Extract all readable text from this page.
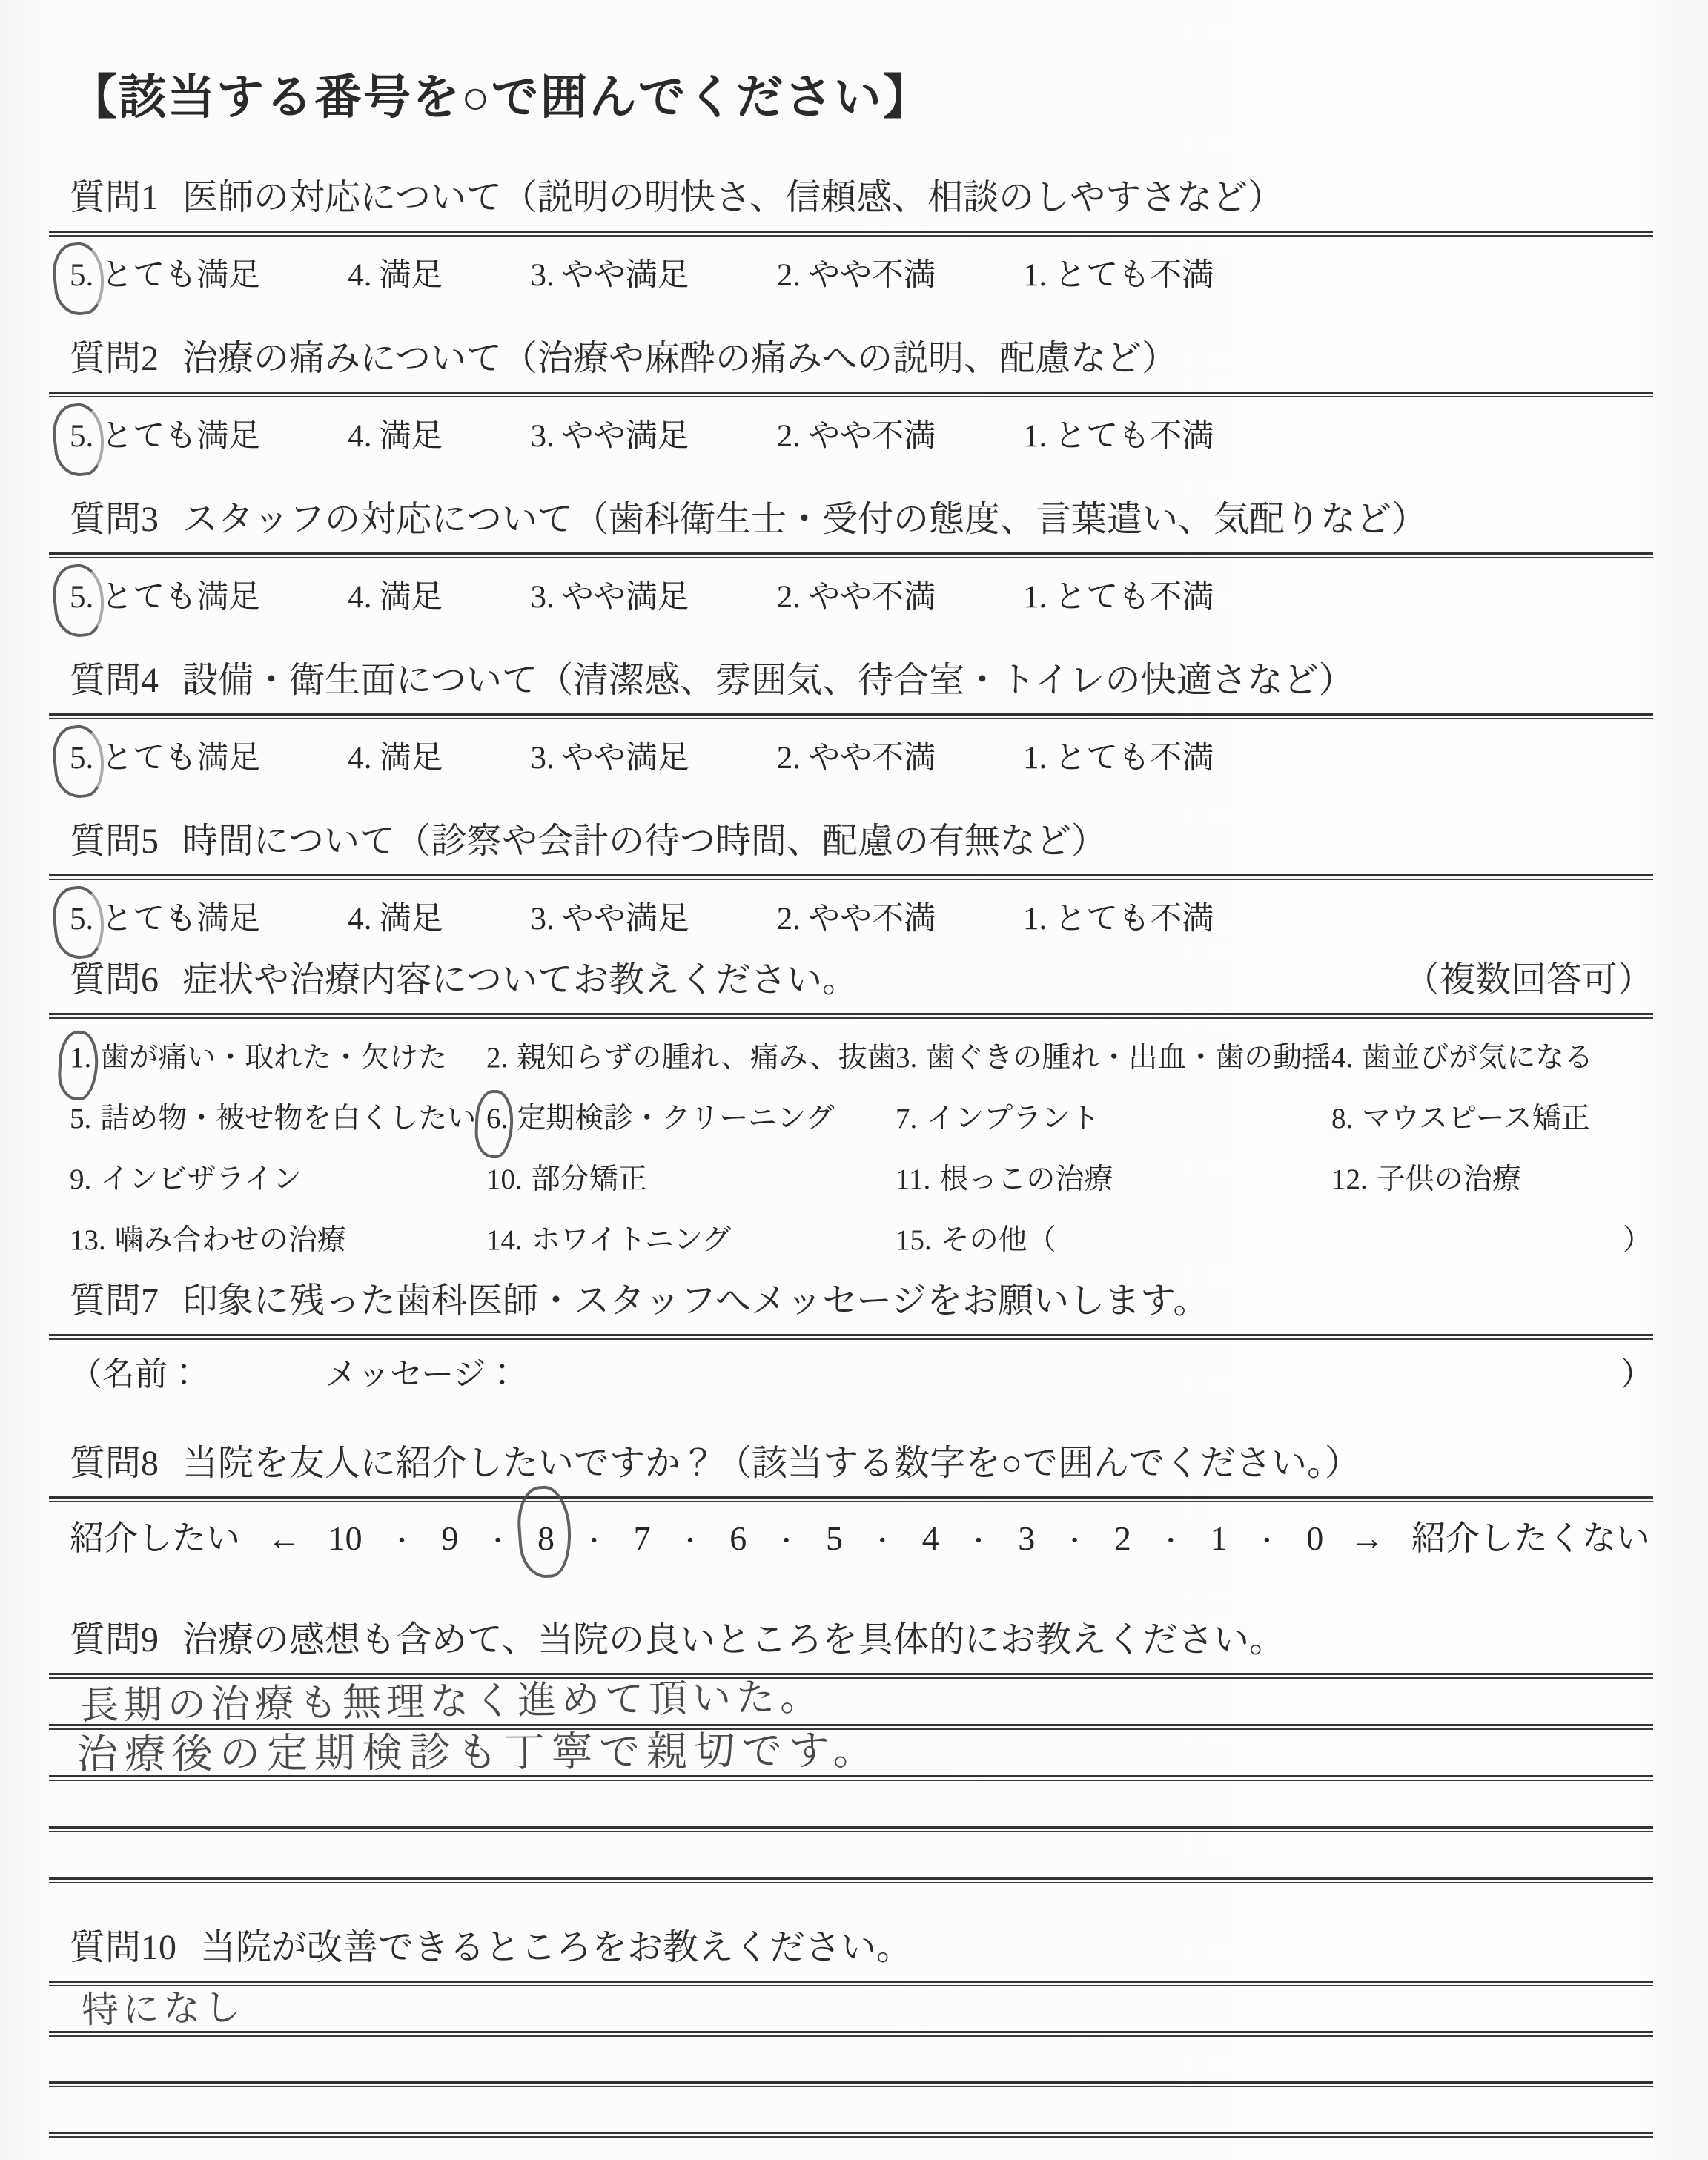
【該当する番号を○で囲んでください】
質問1 医師の対応について（説明の明快さ、信頼感、相談のしやすさなど）
5. とても満足	4. 満足	3. やや満足	2. やや不満	1. とても不満
質問2 治療の痛みについて（治療や麻酔の痛みへの説明、配慮など）
5. とても満足	4. 満足	3. やや満足	2. やや不満	1. とても不満
質問3 スタッフの対応について（歯科衛生士・受付の態度、言葉遣い、気配りなど）
5. とても満足	4. 満足	3. やや満足	2. やや不満	1. とても不満
質問4 設備・衛生面について（清潔感、雰囲気、待合室・トイレの快適さなど）
5. とても満足	4. 満足	3. やや満足	2. やや不満	1. とても不満
質問5 時間について（診察や会計の待つ時間、配慮の有無など）
5. とても満足	4. 満足	3. やや満足	2. やや不満	1. とても不満
質問6 症状や治療内容についてお教えください。	（複数回答可）
1. 歯が痛い・取れた・欠けた	2. 親知らずの腫れ、痛み、抜歯 3. 歯ぐきの腫れ・出血・歯の動揺 4. 歯並びが気になる
5. 詰め物・被せ物を白くしたい 6. 定期検診・クリーニング	7. インプラント	8. マウスピース矯正
9. インビザライン	10. 部分矯正	11. 根っこの治療	12. 子供の治療
13. 噛み合わせの治療	14. ホワイトニング	15. その他（	）
質問7 印象に残った歯科医師・スタッフへメッセージをお願いします。
（名前：	メッセージ：	）
質問8 当院を友人に紹介したいですか？（該当する数字を○で囲んでください。）
紹介したい ← 10 ・ 9 ・ 8 ・ 7 ・ 6 ・ 5 ・ 4 ・ 3 ・ 2 ・ 1 ・ 0 → 紹介したくない
質問9 治療の感想も含めて、当院の良いところを具体的にお教えください。
長期の治療も無理なく進めて頂いた。
治療後の定期検診も丁寧で親切です。
質問10 当院が改善できるところをお教えください。
特になし
